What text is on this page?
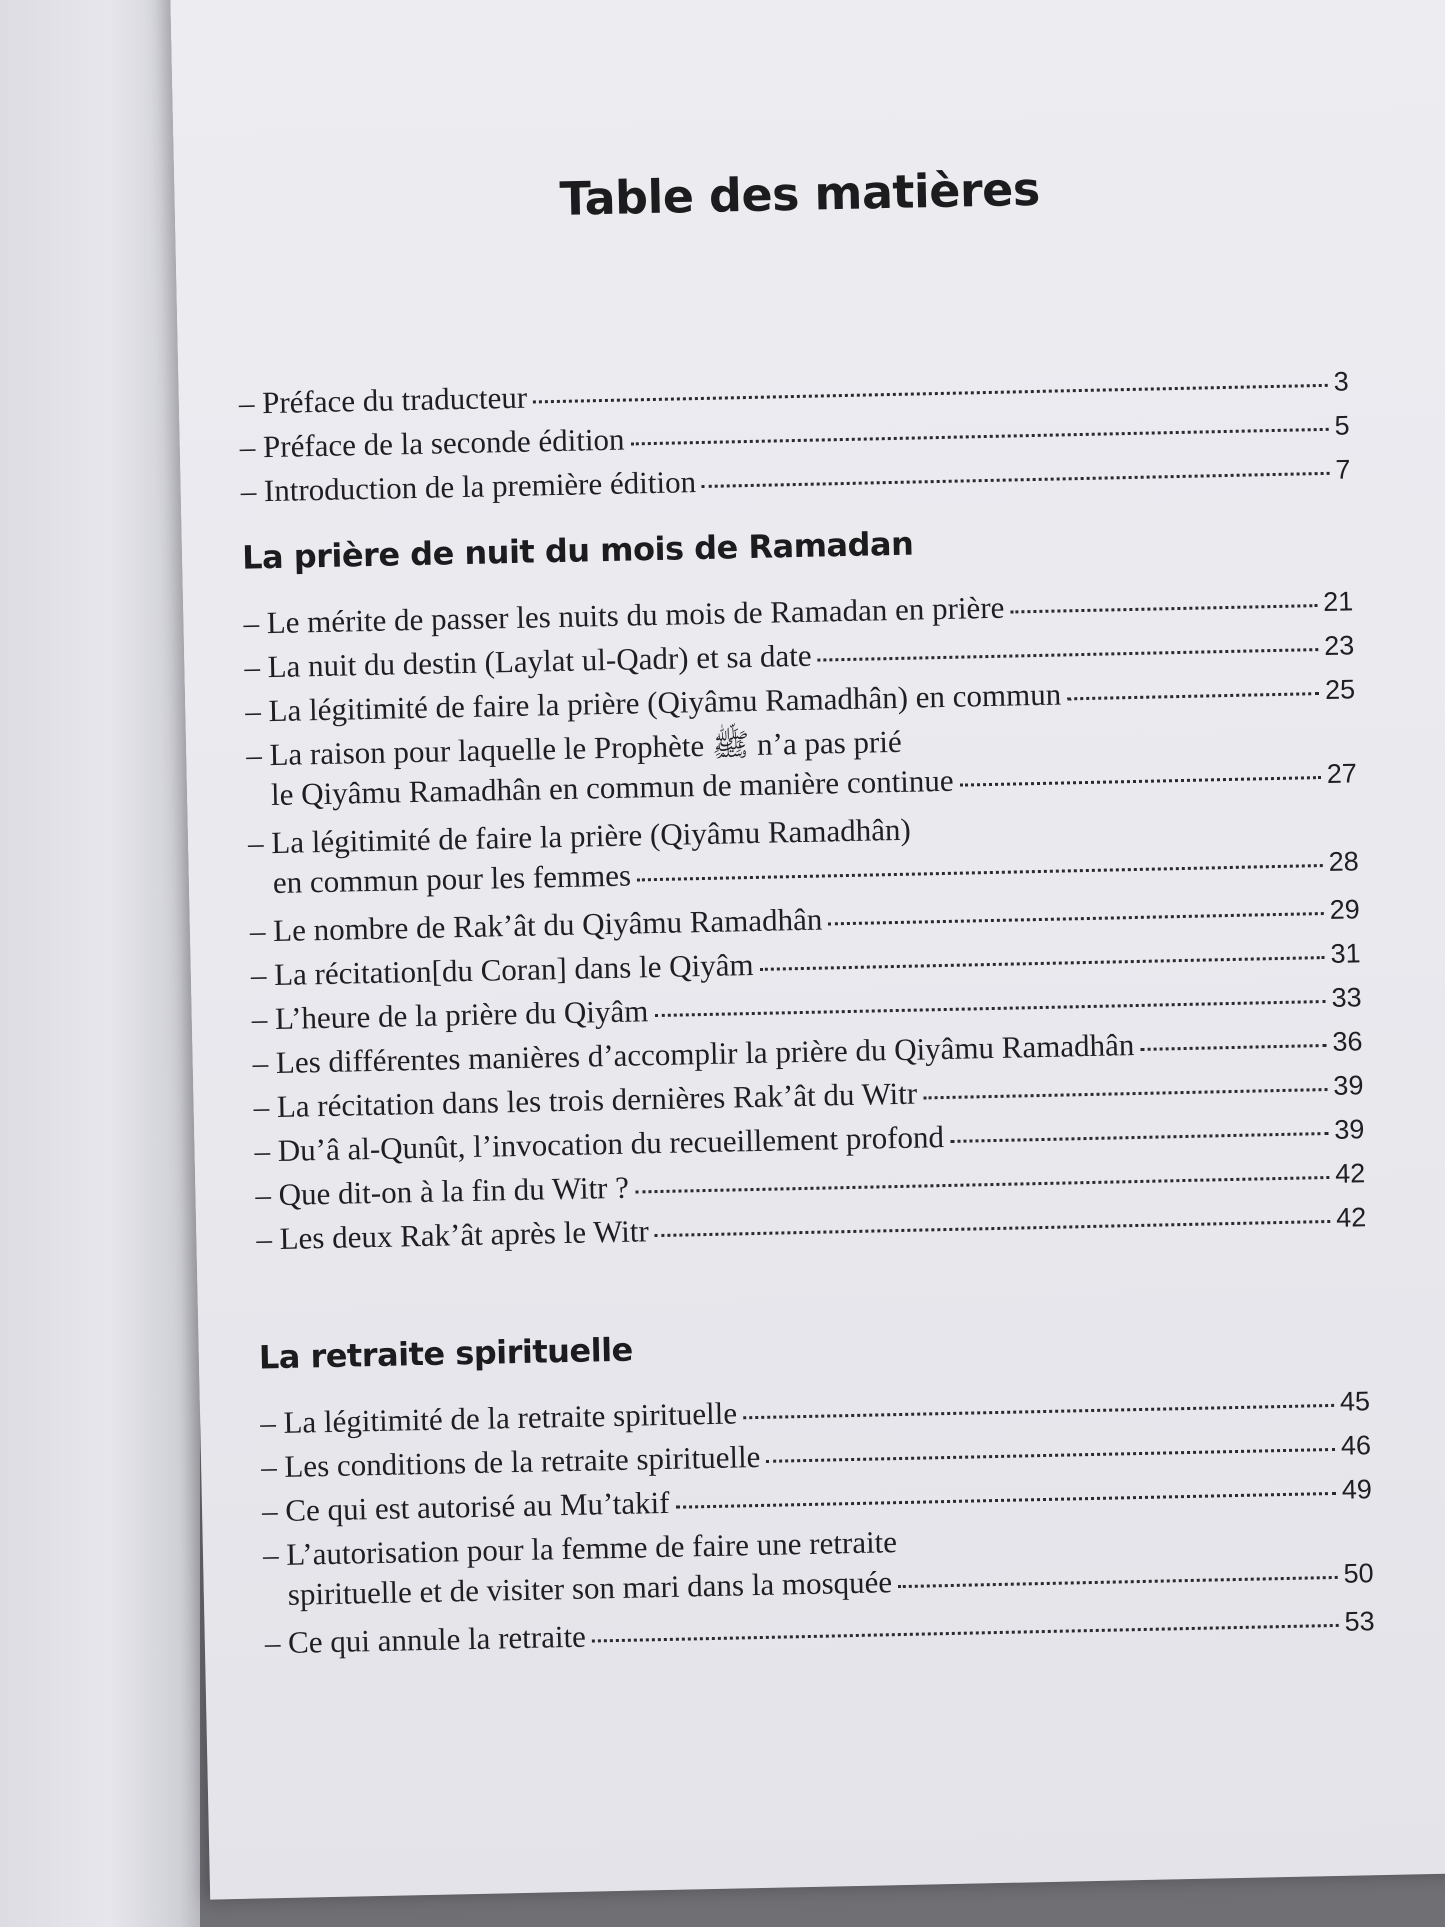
Table des matières
– Préface du traducteur	3
– Préface de la seconde édition	5
– Introduction de la première édition	7
La prière de nuit du mois de Ramadan
– Le mérite de passer les nuits du mois de Ramadan en prière	21
– La nuit du destin (Laylat ul-Qadr) et sa date	23
– La légitimité de faire la prière (Qiyâmu Ramadhân) en commun	25
– La raison pour laquelle le Prophète ﷺ n’a pas prié
le Qiyâmu Ramadhân en commun de manière continue	27
– La légitimité de faire la prière (Qiyâmu Ramadhân)
en commun pour les femmes	28
– Le nombre de Rak’ât du Qiyâmu Ramadhân	29
– La récitation[du Coran] dans le Qiyâm	31
– L’heure de la prière du Qiyâm	33
– Les différentes manières d’accomplir la prière du Qiyâmu Ramadhân	36
– La récitation dans les trois dernières Rak’ât du Witr	39
– Du’â al-Qunût, l’invocation du recueillement profond	39
– Que dit-on à la fin du Witr ?	42
– Les deux Rak’ât après le Witr	42
La retraite spirituelle
– La légitimité de la retraite spirituelle	45
– Les conditions de la retraite spirituelle	46
– Ce qui est autorisé au Mu’takif	49
– L’autorisation pour la femme de faire une retraite
spirituelle et de visiter son mari dans la mosquée	50
– Ce qui annule la retraite	53
